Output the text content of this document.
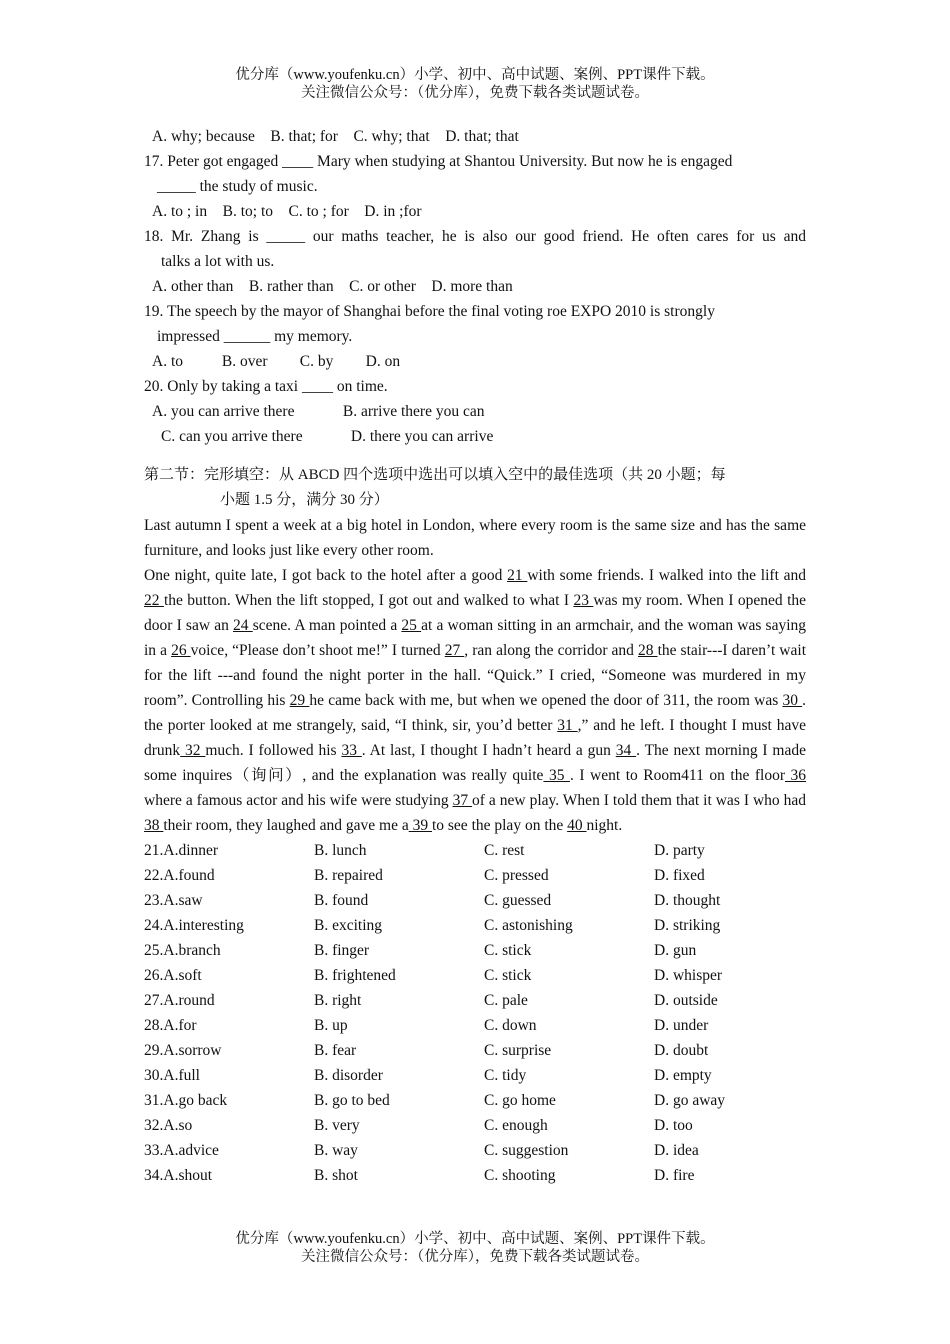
优分库（www.youfenku.cn）小学、初中、高中试题、案例、PPT课件下载。
关注微信公众号：（优分库），免费下载各类试题试卷。
A. why; because B. that; for C. why; that D. that; that
17. Peter got engaged ____ Mary when studying at Shantou University. But now he is engaged
_____ the study of music.
A. to ; in B. to; to C. to ; for D. in ;for
18. Mr. Zhang is _____ our maths teacher, he is also our good friend. He often cares for us and
talks a lot with us.
A. other than B. rather than C. or other D. more than
19. The speech by the mayor of Shanghai before the final voting roe EXPO 2010 is strongly
impressed ______ my memory.
A. to	B. over C. by D. on
20. Only by taking a taxi ____ on time.
A. you can arrive there	B. arrive there you can
C. can you arrive there	D. there you can arrive
第二节：完形填空：从 ABCD 四个选项中选出可以填入空中的最佳选项（共 20 小题；每
小题 1.5 分，满分 30 分）
Last autumn I spent a week at a big hotel in London, where every room is the same size and has the same furniture, and looks just like every other room.
One night, quite late, I got back to the hotel after a good 21 with some friends. I walked into the lift and 22 the button. When the lift stopped, I got out and walked to what I 23 was my room. When I opened the door I saw an 24 scene. A man pointed a 25 at a woman sitting in an armchair, and the woman was saying in a 26 voice, “Please don’t shoot me!” I turned 27 , ran along the corridor and 28 the stair---I daren’t wait for the lift ---and found the night porter in the hall. “Quick.” I cried, “Someone was murdered in my room”. Controlling his 29 he came back with me, but when we opened the door of 311, the room was 30 . the porter looked at me strangely, said, “I think, sir, you’d better 31 ,” and he left. I thought I must have drunk 32 much. I followed his 33 . At last, I thought I hadn’t heard a gun 34 . The next morning I made some inquires（询问）, and the explanation was really quite 35 . I went to Room411 on the floor 36 where a famous actor and his wife were studying 37 of a new play. When I told them that it was I who had 38 their room, they laughed and gave me a 39 to see the play on the 40 night.
21.A.dinner	B. lunch	C. rest	D. party
22.A.found	B. repaired	C. pressed	D. fixed
23.A.saw	B. found	C. guessed	D. thought
24.A.interesting	B. exciting	C. astonishing	D. striking
25.A.branch	B. finger	C. stick	D. gun
26.A.soft	B. frightened	C. stick	D. whisper
27.A.round	B. right	C. pale	D. outside
28.A.for	B. up	C. down	D. under
29.A.sorrow	B. fear	C. surprise	D. doubt
30.A.full	B. disorder	C. tidy	D. empty
31.A.go back	B. go to bed	C. go home	D. go away
32.A.so	B. very	C. enough	D. too
33.A.advice	B. way	C. suggestion	D. idea
34.A.shout	B. shot	C. shooting	D. fire
优分库（www.youfenku.cn）小学、初中、高中试题、案例、PPT课件下载。
关注微信公众号：（优分库），免费下载各类试题试卷。
